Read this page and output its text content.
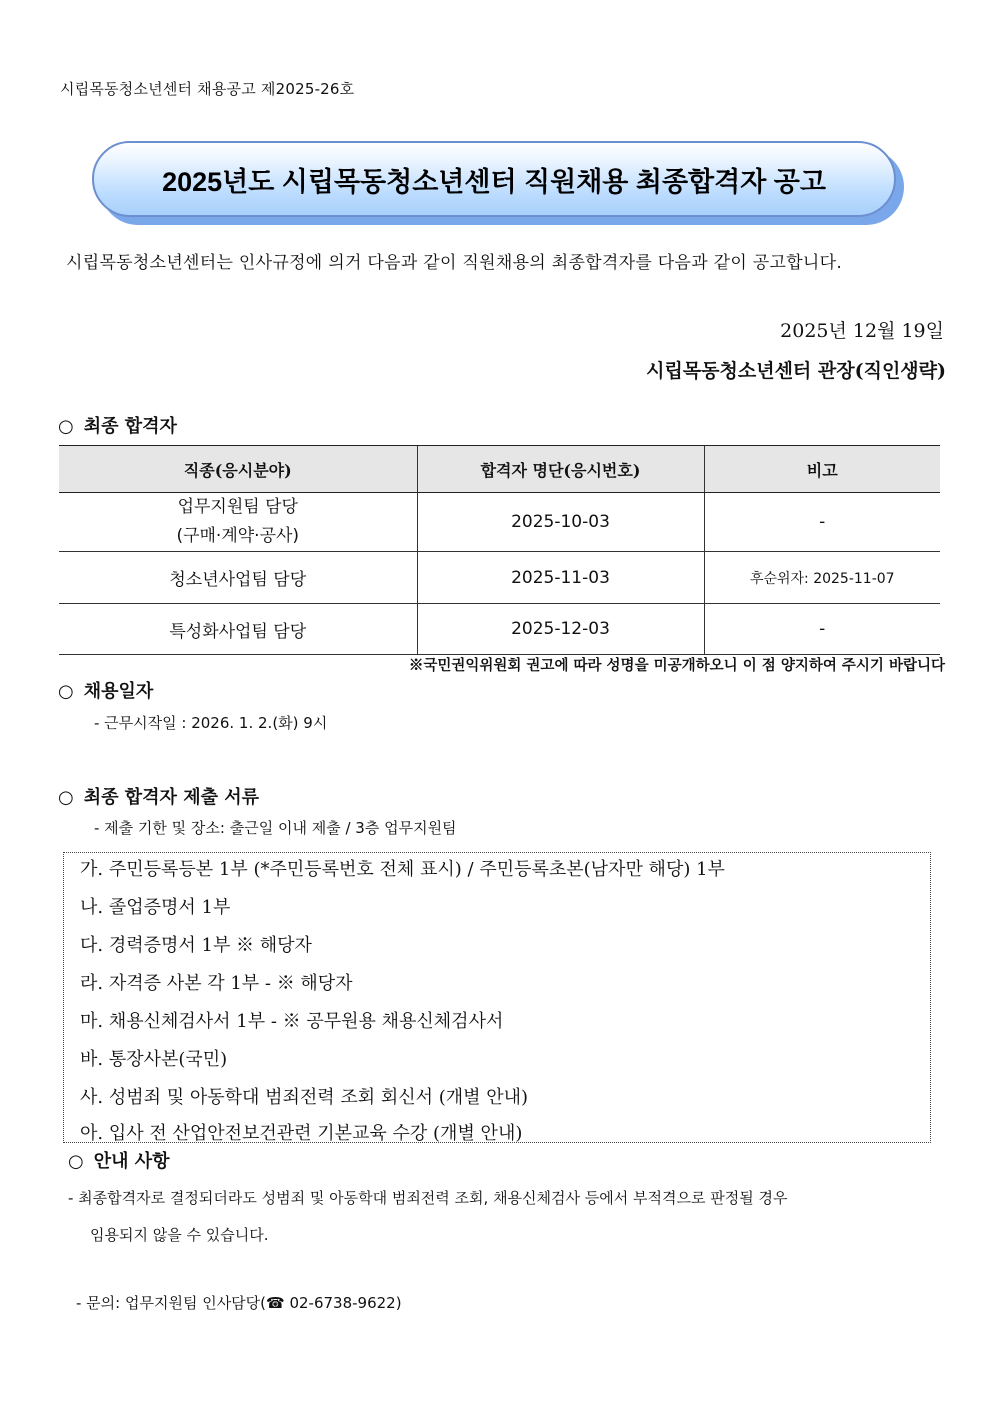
시립목동청소년센터 채용공고 제2025-26호
2025년도 시립목동청소년센터 직원채용 최종합격자 공고
시립목동청소년센터는 인사규정에 의거 다음과 같이 직원채용의 최종합격자를 다음과 같이 공고합니다.
2025년 12월 19일
시립목동청소년센터 관장(직인생략)
○ 최종 합격자
직종(응시분야)	합격자 명단(응시번호)	비고

업무지원팀 담당
(구매·계약·공사)	2025-10-03	-
청소년사업팀 담당	2025-11-03	후순위자: 2025-11-07
특성화사업팀 담당	2025-12-03	-
※국민권익위원회 권고에 따라 성명을 미공개하오니 이 점 양지하여 주시기 바랍니다
○ 채용일자
- 근무시작일 : 2026. 1. 2.(화) 9시
○ 최종 합격자 제출 서류
- 제출 기한 및 장소: 출근일 이내 제출 / 3층 업무지원팀
가. 주민등록등본 1부 (*주민등록번호 전체 표시) / 주민등록초본(남자만 해당) 1부
나. 졸업증명서 1부
다. 경력증명서 1부 ※ 해당자
라. 자격증 사본 각 1부 - ※ 해당자
마. 채용신체검사서 1부 - ※ 공무원용 채용신체검사서
바. 통장사본(국민)
사. 성범죄 및 아동학대 범죄전력 조회 회신서 (개별 안내)
아. 입사 전 산업안전보건관련 기본교육 수강 (개별 안내)
○ 안내 사항
- 최종합격자로 결정되더라도 성범죄 및 아동학대 범죄전력 조회, 채용신체검사 등에서 부적격으로 판정될 경우
임용되지 않을 수 있습니다.
- 문의: 업무지원팀 인사담당(☎ 02-6738-9622)
